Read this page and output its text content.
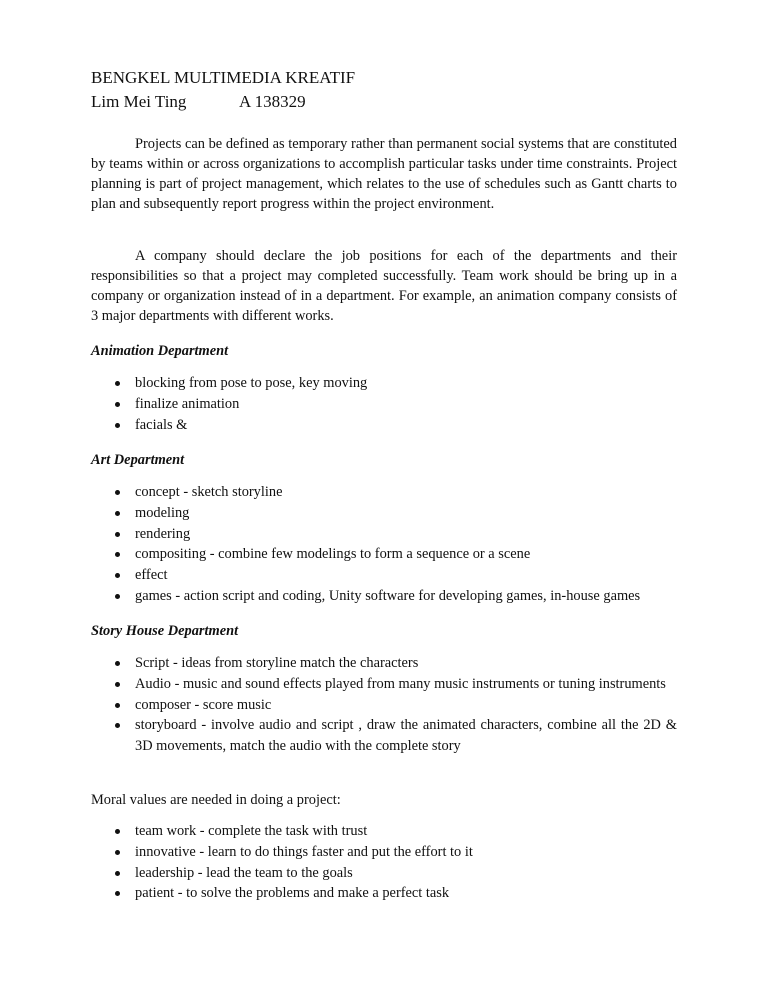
BENGKEL MULTIMEDIA KREATIF
Lim Mei Ting	A 138329

Projects can be defined as temporary rather than permanent social systems that are constituted by teams within or across organizations to accomplish particular tasks under time constraints. Project planning is part of project management, which relates to the use of schedules such as Gantt charts to plan and subsequently report progress within the project environment.

A company should declare the job positions for each of the departments and their responsibilities so that a project may completed successfully. Team work should be bring up in a company or organization instead of in a department. For example, an animation company consists of 3 major departments with different works.

Animation Department
blocking from pose to pose, key moving
finalize animation
facials &
Art Department
concept - sketch storyline
modeling
rendering
compositing - combine few modelings to form a sequence or a scene
effect
games - action script and coding, Unity software for developing games, in-house games
Story House Department
Script - ideas from storyline match the characters
Audio - music and sound effects played from many music instruments or tuning instruments
composer - score music
storyboard - involve audio and script , draw the animated characters, combine all the 2D & 3D movements, match the audio with the complete story

Moral values are needed in doing a project:

team work - complete the task with trust
innovative - learn to do things faster and put the effort to it
leadership - lead the team to the goals
patient - to solve the problems and make a perfect task
